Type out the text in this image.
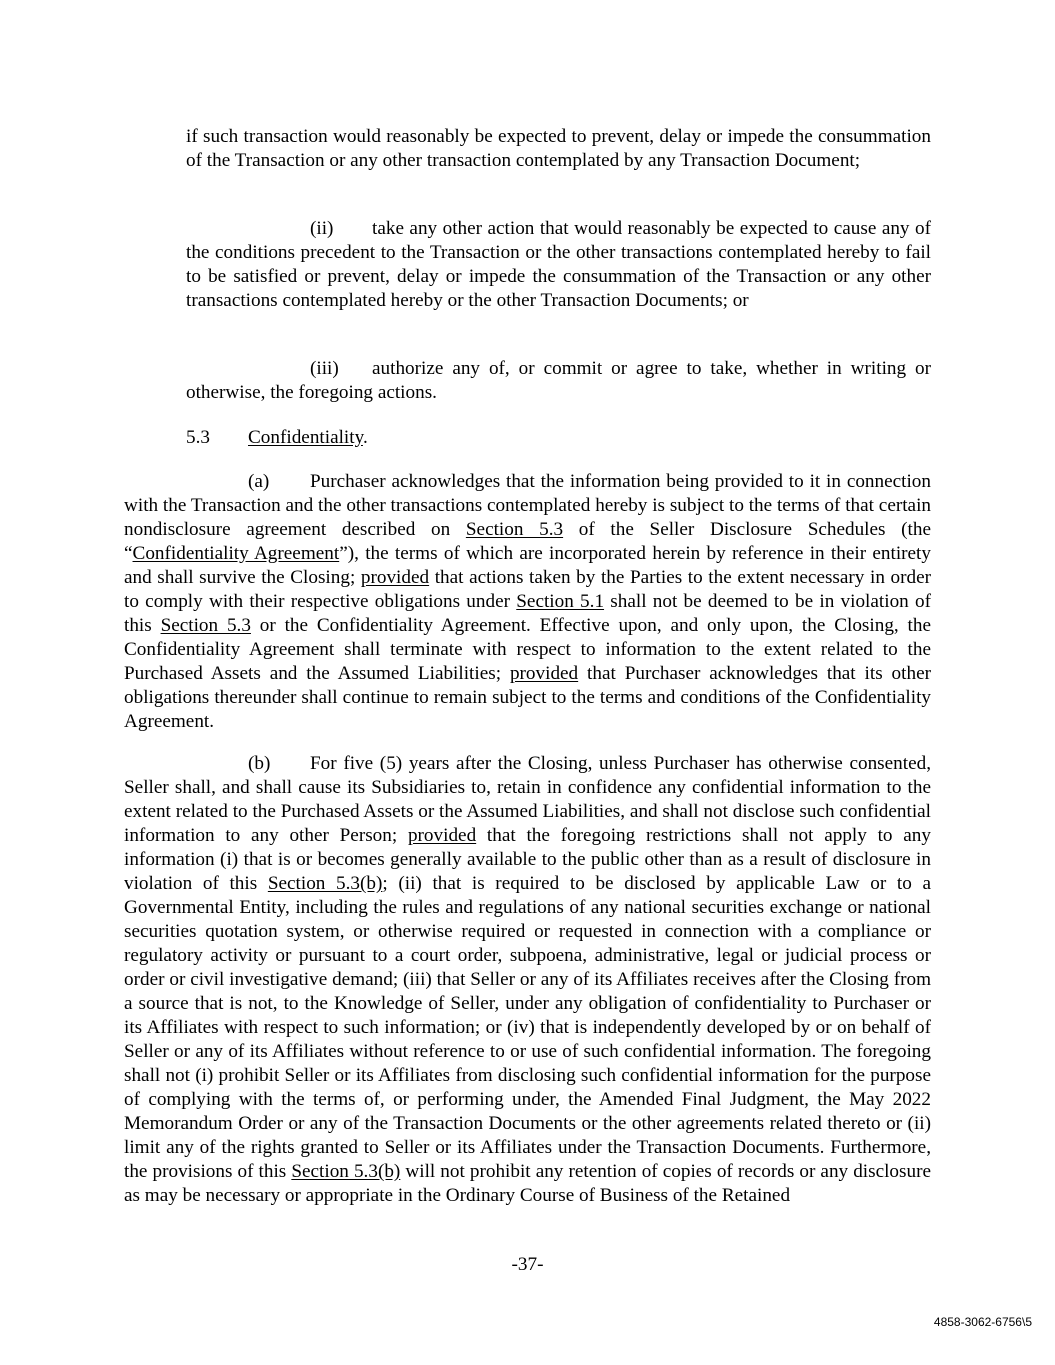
if such transaction would reasonably be expected to prevent, delay or impede the consummation of the Transaction or any other transaction contemplated by any Transaction Document;

(ii) take any other action that would reasonably be expected to cause any of the conditions precedent to the Transaction or the other transactions contemplated hereby to fail to be satisfied or prevent, delay or impede the consummation of the Transaction or any other transactions contemplated hereby or the other Transaction Documents; or

(iii) authorize any of, or commit or agree to take, whether in writing or otherwise, the foregoing actions.

5.3 Confidentiality.

(a) Purchaser acknowledges that the information being provided to it in connection with the Transaction and the other transactions contemplated hereby is subject to the terms of that certain nondisclosure agreement described on Section 5.3 of the Seller Disclosure Schedules (the “Confidentiality Agreement”), the terms of which are incorporated herein by reference in their entirety and shall survive the Closing; provided that actions taken by the Parties to the extent necessary in order to comply with their respective obligations under Section 5.1 shall not be deemed to be in violation of this Section 5.3 or the Confidentiality Agreement. Effective upon, and only upon, the Closing, the Confidentiality Agreement shall terminate with respect to information to the extent related to the Purchased Assets and the Assumed Liabilities; provided that Purchaser acknowledges that its other obligations thereunder shall continue to remain subject to the terms and conditions of the Confidentiality Agreement.

(b) For five (5) years after the Closing, unless Purchaser has otherwise consented, Seller shall, and shall cause its Subsidiaries to, retain in confidence any confidential information to the extent related to the Purchased Assets or the Assumed Liabilities, and shall not disclose such confidential information to any other Person; provided that the foregoing restrictions shall not apply to any information (i) that is or becomes generally available to the public other than as a result of disclosure in violation of this Section 5.3(b); (ii) that is required to be disclosed by applicable Law or to a Governmental Entity, including the rules and regulations of any national securities exchange or national securities quotation system, or otherwise required or requested in connection with a compliance or regulatory activity or pursuant to a court order, subpoena, administrative, legal or judicial process or order or civil investigative demand; (iii) that Seller or any of its Affiliates receives after the Closing from a source that is not, to the Knowledge of Seller, under any obligation of confidentiality to Purchaser or its Affiliates with respect to such information; or (iv) that is independently developed by or on behalf of Seller or any of its Affiliates without reference to or use of such confidential information. The foregoing shall not (i) prohibit Seller or its Affiliates from disclosing such confidential information for the purpose of complying with the terms of, or performing under, the Amended Final Judgment, the May 2022 Memorandum Order or any of the Transaction Documents or the other agreements related thereto or (ii) limit any of the rights granted to Seller or its Affiliates under the Transaction Documents. Furthermore, the provisions of this Section 5.3(b) will not prohibit any retention of copies of records or any disclosure as may be necessary or appropriate in the Ordinary Course of Business of the Retained

-37-
4858-3062-6756\5
